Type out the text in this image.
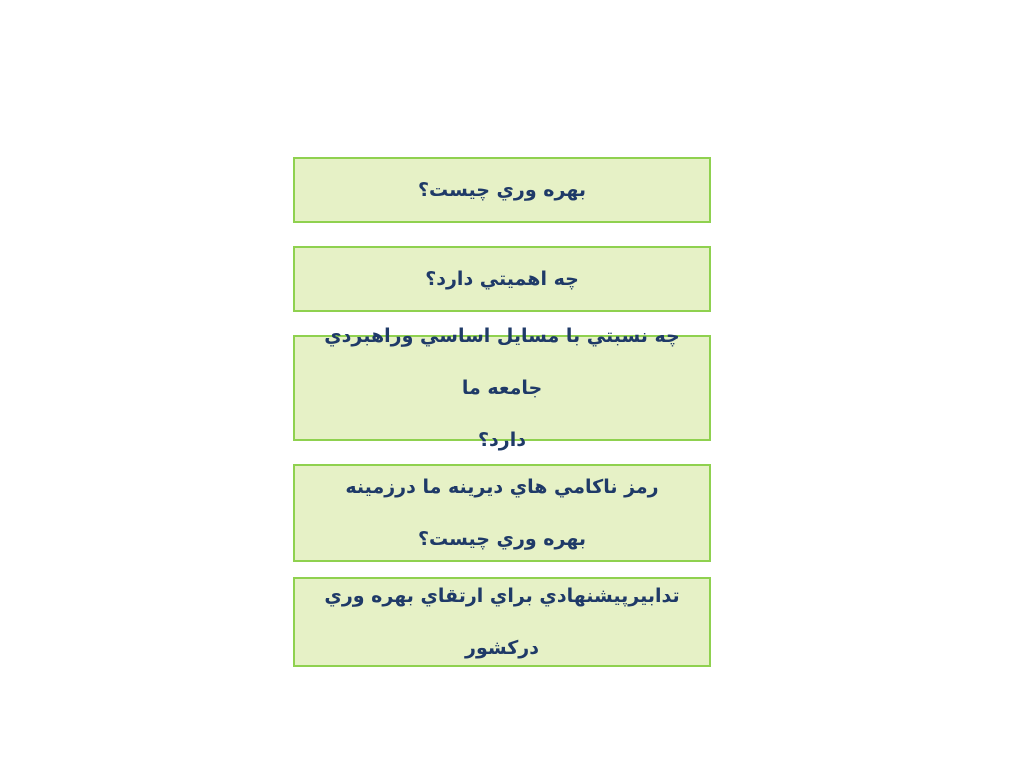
بهره وري چيست؟
چه اهميتي دارد؟
چه نسبتي با مسايل اساسي وراهبردي جامعه ما
دارد؟
رمز ناكامي هاي ديرينه ما درزمينه
بهره وري چيست؟
تدابيرپيشنهادي براي ارتقاي بهره وري دركشور
